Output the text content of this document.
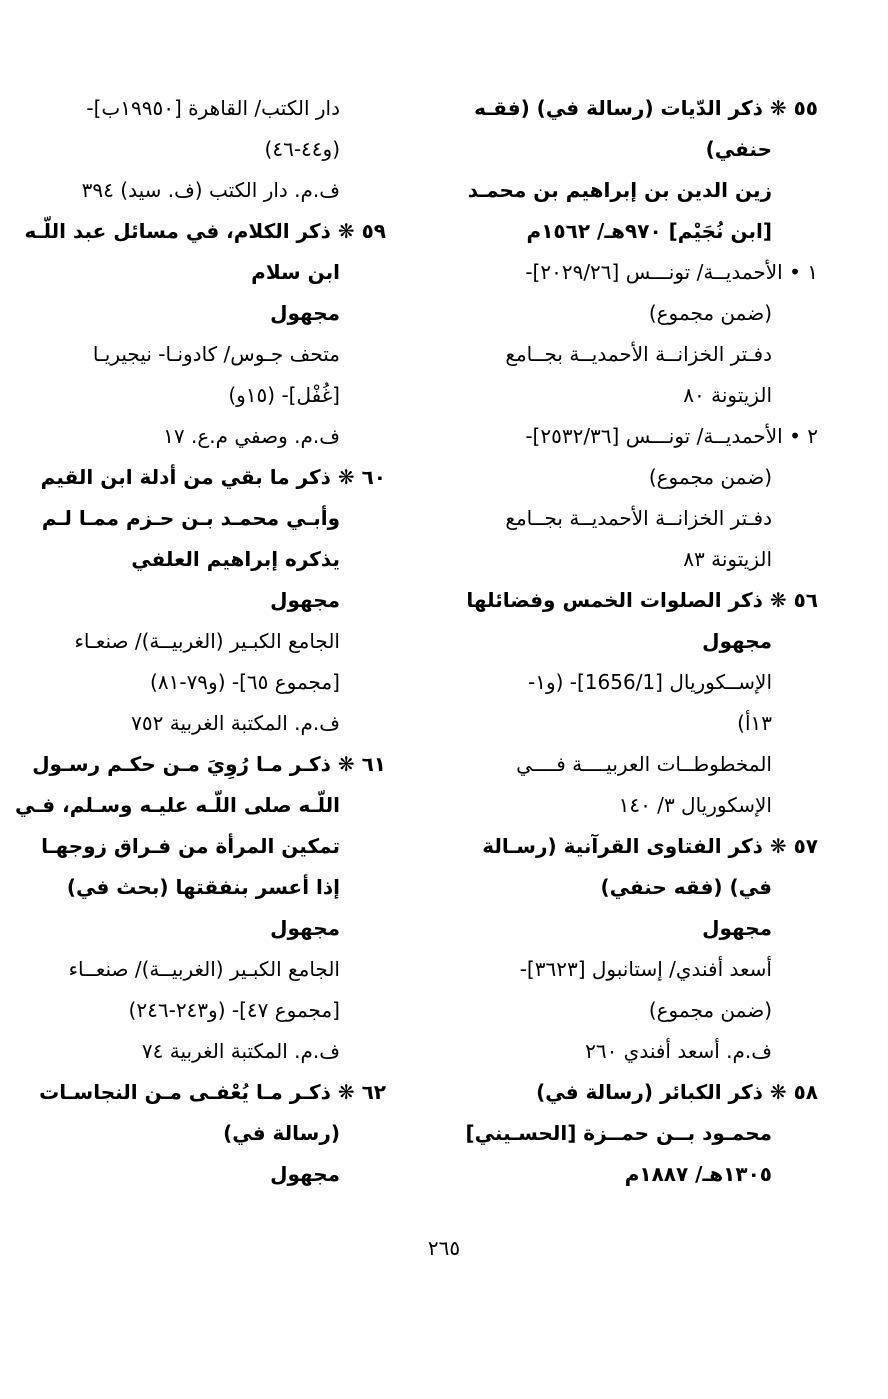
٥٥ ❋ ذكر الدّيات (رسالة في) (فقـه
حنفي)
زين الدين بن إبراهيم بن محمـد
[ابن نُجَيْم] ٩٧٠هـ/ ١٥٦٢م
١ • الأحمديــة/ تونـــس [٢٠٢٩/٢٦]-
(ضمن مجموع)
دفـتر الخزانــة الأحمديــة بجــامع
الزيتونة ٨٠
٢ • الأحمديــة/ تونـــس [٢٥٣٢/٣٦]-
(ضمن مجموع)
دفـتر الخزانــة الأحمديــة بجــامع
الزيتونة ٨٣
٥٦ ❋ ذكر الصلوات الخمس وفضائلها
مجهول
الإســكوريال [1656/1]- (و١-
١٣أ)
المخطوطــات العربيــــة فــــي
الإسكوريال ٣/ ١٤٠
٥٧ ❋ ذكر الفتاوى القرآنية (رسـالة
في) (فقه حنفي)
مجهول
أسعد أفندي/ إستانبول [٣٦٢٣]-
(ضمن مجموع)
ف.م. أسعد أفندي ٢٦٠
٥٨ ❋ ذكر الكبائر (رسالة في)
محمـود بــن حمــزة [الحسـيني]
١٣٠٥هـ/ ١٨٨٧م
دار الكتب/ القاهرة [١٩٩٥٠ب]-
(و٤٤-٤٦)
ف.م. دار الكتب (ف. سيد) ٣٩٤
٥٩ ❋ ذكر الكلام، في مسائل عبد اللّـه
ابن سلام
مجهول
متحف جـوس/ كادونـا- نيجيريـا
[غُفْل]- (١٥و)
ف.م. وصفي م.ع. ١٧
٦٠ ❋ ذكر ما بقي من أدلة ابن القيم
وأبـي محمـد بـن حـزم ممـا لـم
يذكره إبراهيم العلفي
مجهول
الجامع الكبـير (الغربيــة)/ صنعـاء
[مجموع ٦٥]- (و٧٩-٨١)
ف.م. المكتبة الغربية ٧٥٢
٦١ ❋ ذكـر مـا رُوِيَ مـن حكـم رسـول
اللّـه صلى اللّـه عليـه وسـلم، فـي
تمكين المرأة من فـراق زوجهـا
إذا أعسر بنفقتها (بحث في)
مجهول
الجامع الكبـير (الغربيــة)/ صنعــاء
[مجموع ٤٧]- (و٢٤٣-٢٤٦)
ف.م. المكتبة الغربية ٧٤
٦٢ ❋ ذكـر مـا يُعْفـى مـن النجاسـات
(رسالة في)
مجهول
٢٦٥
